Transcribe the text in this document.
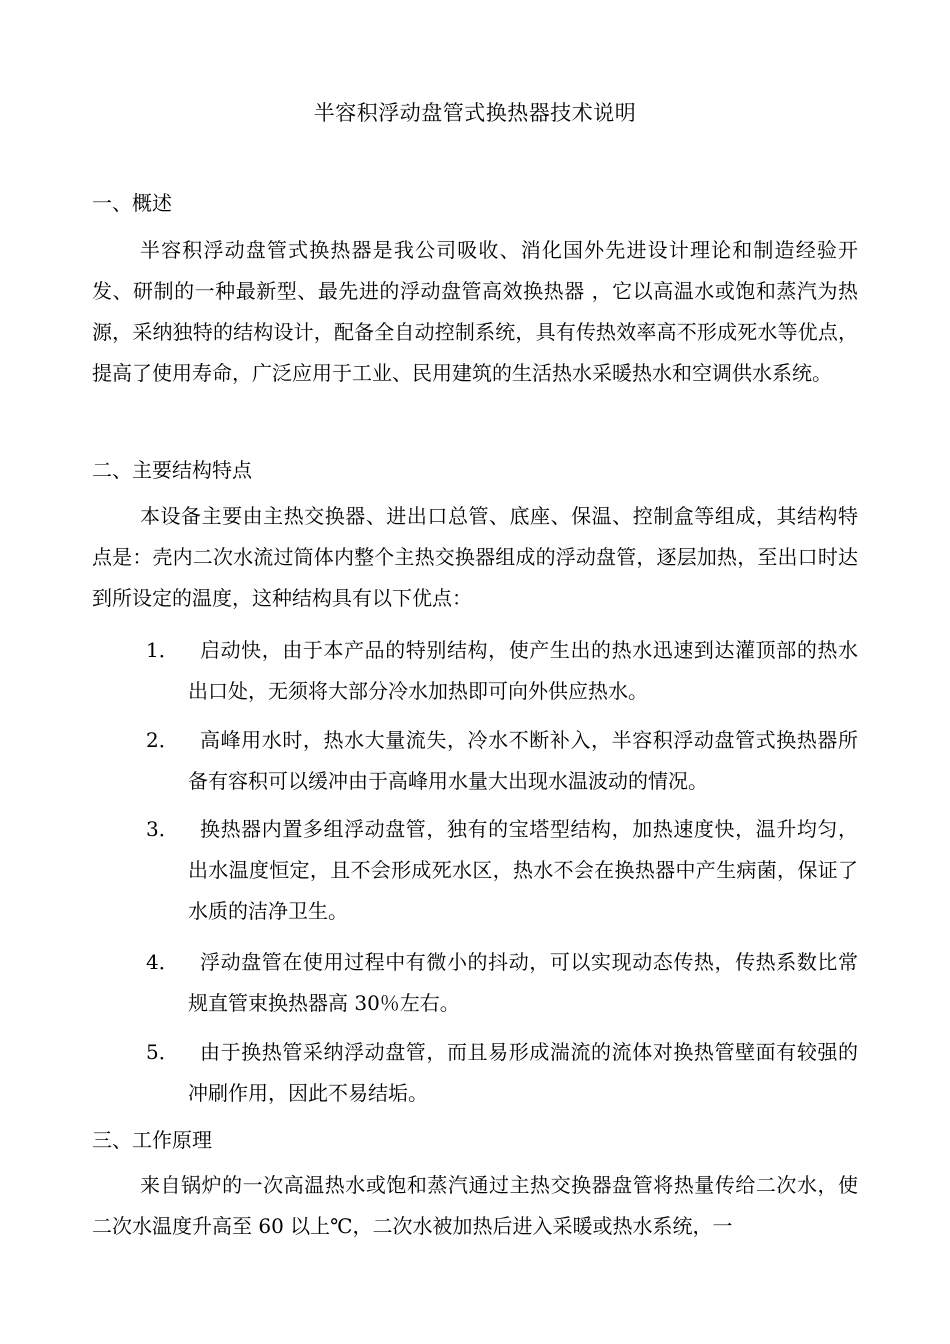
半容积浮动盘管式换热器技术说明
一、概述

半容积浮动盘管式换热器是我公司吸收、消化国外先进设计理论和制造经验开发、研制的一种最新型、最先进的浮动盘管高效换热器 ，它以高温水或饱和蒸汽为热源，采纳独特的结构设计，配备全自动控制系统，具有传热效率高不形成死水等优点，提高了使用寿命，广泛应用于工业、民用建筑的生活热水采暖热水和空调供水系统。

二、主要结构特点

本设备主要由主热交换器、进出口总管、底座、保温、控制盒等组成，其结构特点是：壳内二次水流过筒体内整个主热交换器组成的浮动盘管，逐层加热，至出口时达到所设定的温度，这种结构具有以下优点：

1．	启动快，由于本产品的特别结构，使产生出的热水迅速到达灌顶部的热水出口处，无须将大部分冷水加热即可向外供应热水。
2．	高峰用水时，热水大量流失，冷水不断补入，半容积浮动盘管式换热器所备有容积可以缓冲由于高峰用水量大出现水温波动的情况。
3．	换热器内置多组浮动盘管，独有的宝塔型结构，加热速度快，温升均匀，出水温度恒定，且不会形成死水区，热水不会在换热器中产生病菌，保证了水质的洁净卫生。
4．	浮动盘管在使用过程中有微小的抖动，可以实现动态传热，传热系数比常规直管束换热器高 30％左右。
5．	由于换热管采纳浮动盘管，而且易形成湍流的流体对换热管壁面有较强的冲刷作用，因此不易结垢。
三、工作原理

来自锅炉的一次高温热水或饱和蒸汽通过主热交换器盘管将热量传给二次水，使二次水温度升高至 60 以上℃，二次水被加热后进入采暖或热水系统，一
